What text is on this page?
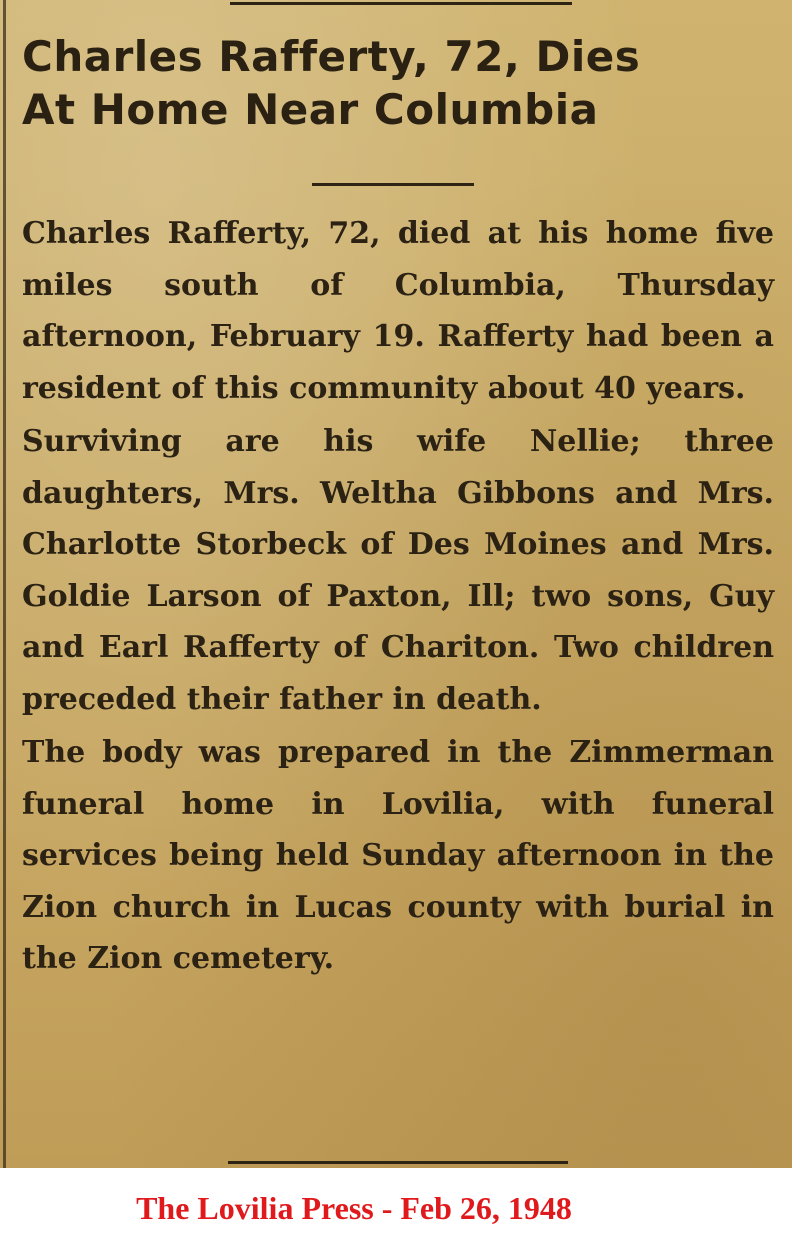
Charles Rafferty, 72, Dies
At Home Near Columbia

Charles Rafferty, 72, died at his home five miles south of Columbia, Thursday afternoon, February 19. Rafferty had been a resident of this community about 40 years.

Surviving are his wife Nellie; three daughters, Mrs. Weltha Gibbons and Mrs. Charlotte Storbeck of Des Moines and Mrs. Goldie Larson of Paxton, Ill; two sons, Guy and Earl Rafferty of Chariton. Two children preceded their father in death.

The body was prepared in the Zimmerman funeral home in Lovilia, with funeral services being held Sunday afternoon in the Zion church in Lucas county with burial in the Zion cemetery.

The Lovilia Press - Feb 26, 1948
